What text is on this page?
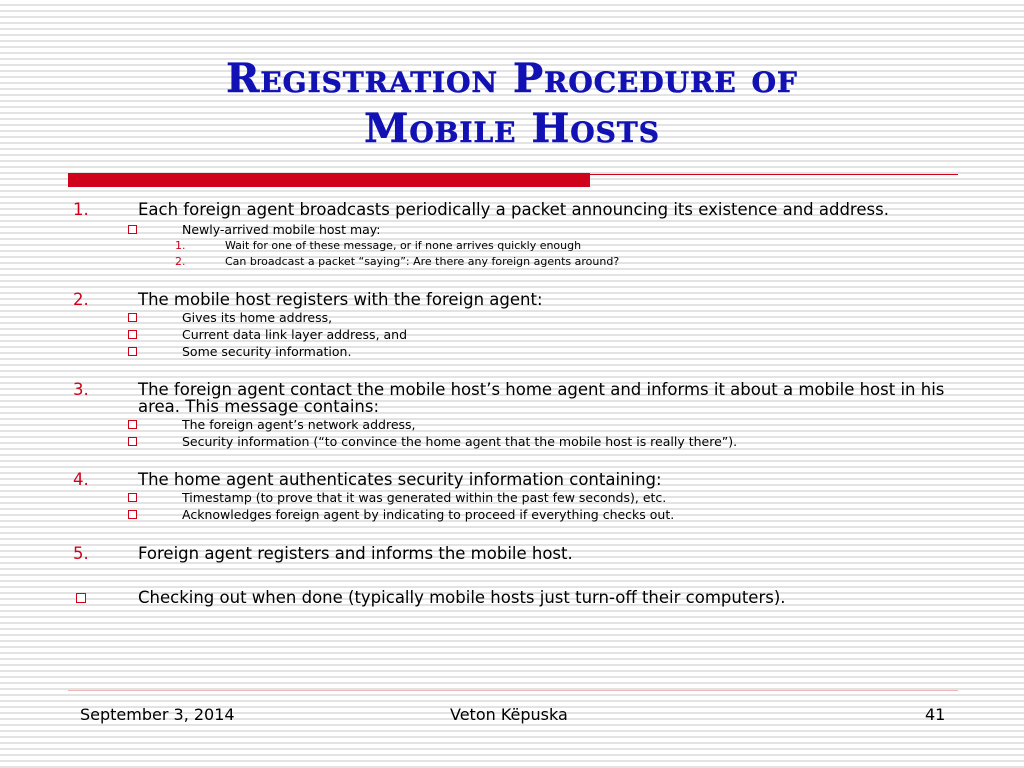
Registration Procedure of
Mobile Hosts
1.	Each foreign agent broadcasts periodically a packet announcing its existence and address.
Newly-arrived mobile host may:
1.	Wait for one of these message, or if none arrives quickly enough
2.	Can broadcast a packet “saying”: Are there any foreign agents around?
2.	The mobile host registers with the foreign agent:
Gives its home address,
Current data link layer address, and
Some security information.
3.	The foreign agent contact the mobile host’s home agent and informs it about a mobile host in his area. This message contains:
The foreign agent’s network address,
Security information (“to convince the home agent that the mobile host is really there”).
4.	The home agent authenticates security information containing:
Timestamp (to prove that it was generated within the past few seconds), etc.
Acknowledges foreign agent by indicating to proceed if everything checks out.
5.	Foreign agent registers and informs the mobile host.
Checking out when done (typically mobile hosts just turn-off their computers).
September 3, 2014	Veton Këpuska	41
